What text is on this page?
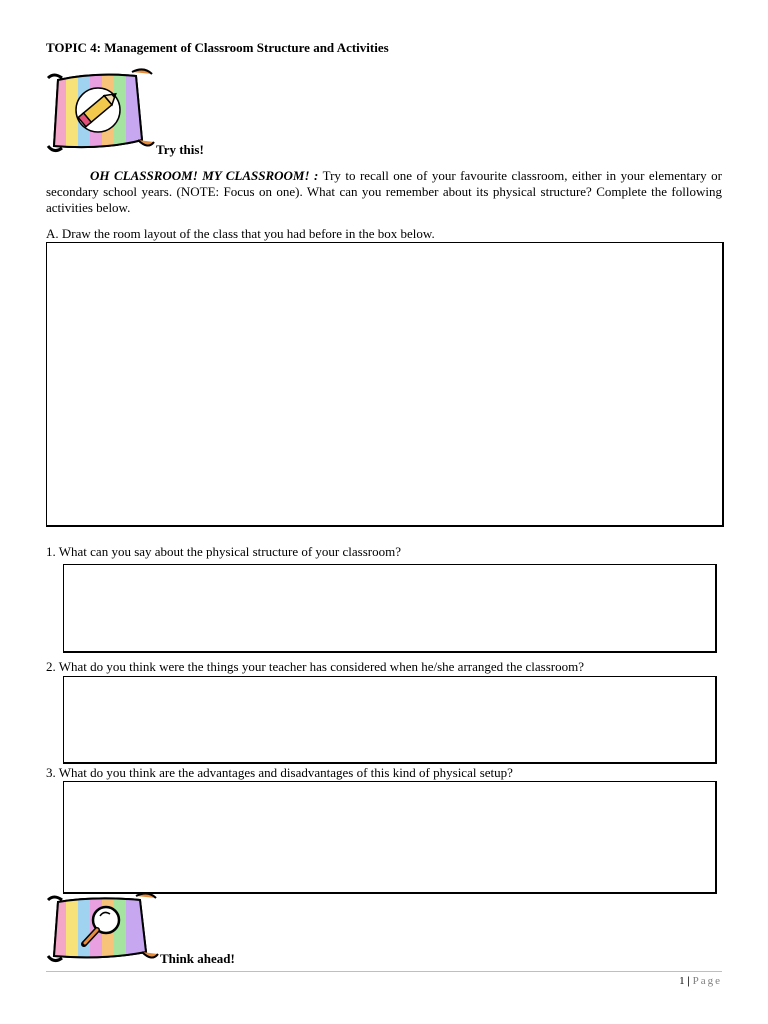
TOPIC 4: Management of Classroom Structure and Activities
Try this!
OH CLASSROOM! MY CLASSROOM! : Try to recall one of your favourite classroom, either in your elementary or secondary school years. (NOTE: Focus on one). What can you remember about its physical structure? Complete the following activities below.
A. Draw the room layout of the class that you had before in the box below.
1. What can you say about the physical structure of your classroom?
2. What do you think were the things your teacher has considered when he/she arranged the classroom?
3. What do you think are the advantages and disadvantages of this kind of physical setup?
Think ahead!
1 | Page
